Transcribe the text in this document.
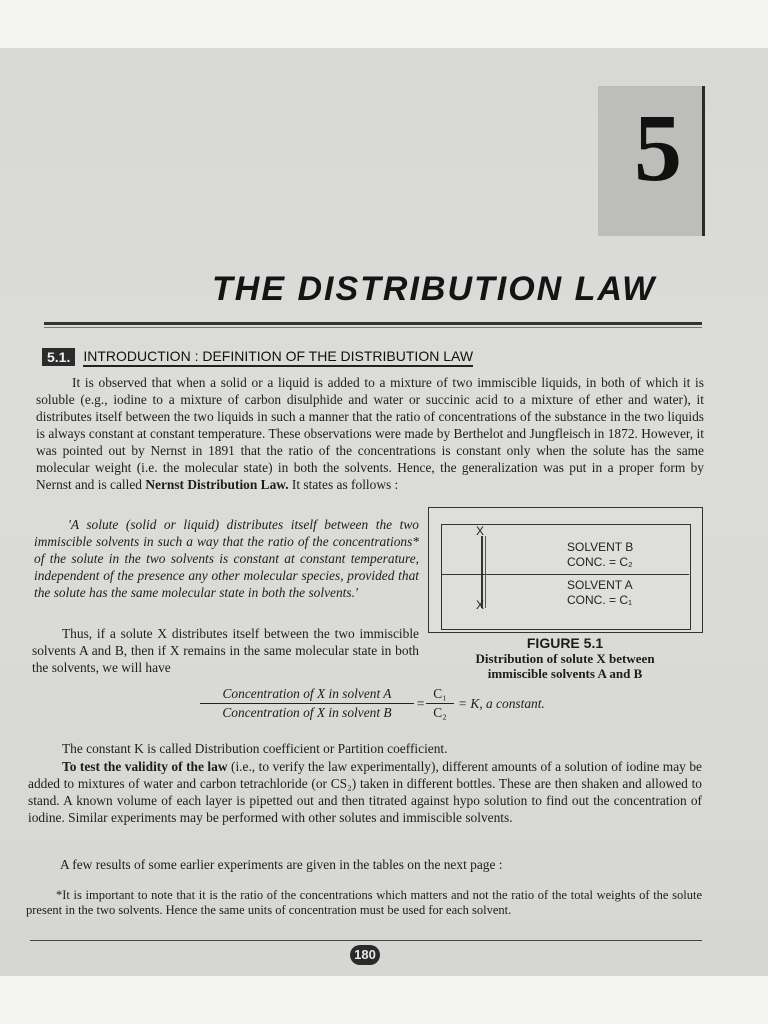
5
THE DISTRIBUTION LAW
5.1. INTRODUCTION : DEFINITION OF THE DISTRIBUTION LAW

It is observed that when a solid or a liquid is added to a mixture of two immiscible liquids, in both of which it is soluble (e.g., iodine to a mixture of carbon disulphide and water or succinic acid to a mixture of ether and water), it distributes itself between the two liquids in such a manner that the ratio of concentrations of the substance in the two liquids is always constant at constant temperature. These observations were made by Berthelot and Jungfleisch in 1872. However, it was pointed out by Nernst in 1891 that the ratio of the concentrations is constant only when the solute has the same molecular weight (i.e. the molecular state) in both the solvents. Hence, the generalization was put in a proper form by Nernst and is called Nernst Distribution Law. It states as follows :

'A solute (solid or liquid) distributes itself between the two immiscible solvents in such a way that the ratio of the concentrations* of the solute in the two solvents is constant at constant temperature, independent of the presence any other molecular species, provided that the solute has the same molecular state in both the solvents.'

X
X
SOLVENT B
CONC. = C₂
SOLVENT A
CONC. = C₁
FIGURE 5.1
Distribution of solute X between
immiscible solvents A and B

Thus, if a solute X distributes itself between the two immiscible solvents A and B, then if X remains in the same molecular state in both the solvents, we will have

Concentration of X in solvent A
Concentration of X in solvent B
= $\frac{\text{C₁}}{\text{C₂}} = K$, a constant.

The constant K is called Distribution coefficient or Partition coefficient.

To test the validity of the law (i.e., to verify the law experimentally), different amounts of a solution of iodine may be added to mixtures of water and carbon tetrachloride (or CS₂) taken in different bottles. These are then shaken and allowed to stand. A known volume of each layer is pipetted out and then titrated against hypo solution to find out the concentration of iodine. Similar experiments may be performed with other solutes and immiscible solvents.

A few results of some earlier experiments are given in the tables on the next page :

*It is important to note that it is the ratio of the concentrations which matters and not the ratio of the total weights of the solute present in the two solvents. Hence the same units of concentration must be used for each solvent.

180
